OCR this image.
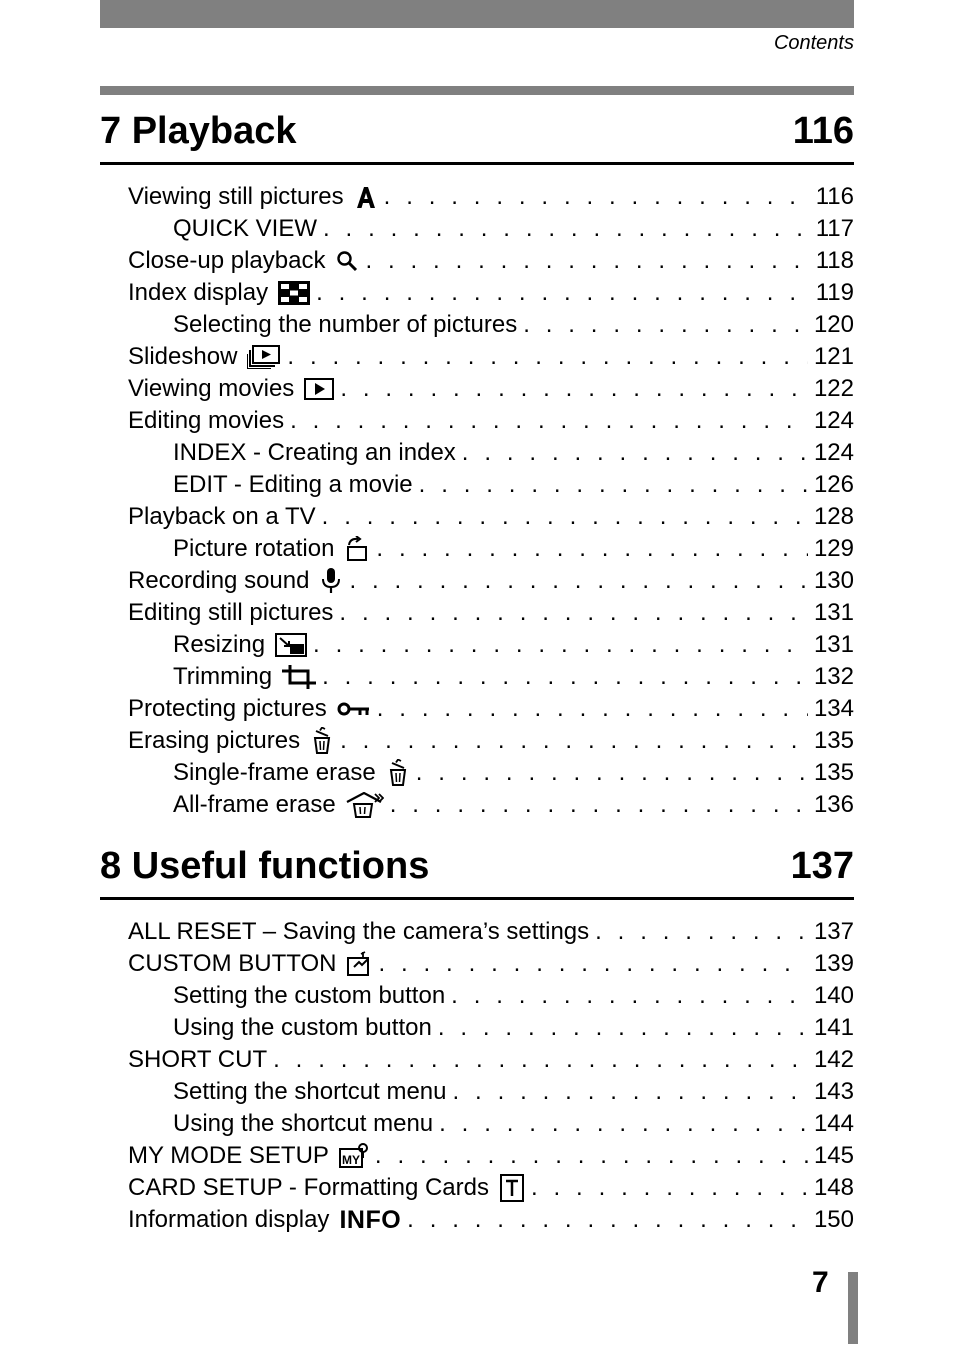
Contents
7 Playback	116
Viewing still pictures . . .	116
QUICK VIEW . . .	117
Close-up playback . . .	118
Index display . . .	119
Selecting the number of pictures . . .	120
Slideshow . . .	121
Viewing movies . . .	122
Editing movies . . .	124
INDEX - Creating an index . . .	124
EDIT - Editing a movie . . .	126
Playback on a TV . . .	128
Picture rotation . . .	129
Recording sound . . .	130
Editing still pictures . . .	131
Resizing . . .	131
Trimming . . .	132
Protecting pictures . . .	134
Erasing pictures . . .	135
Single-frame erase . . .	135
All-frame erase . . .	136
8 Useful functions	137
ALL RESET – Saving the camera’s settings . . .	137
CUSTOM BUTTON . . .	139
Setting the custom button . . .	140
Using the custom button . . .	141
SHORT CUT . . .	142
Setting the shortcut menu . . .	143
Using the shortcut menu . . .	144
MY MODE SETUP MY . . .	145
CARD SETUP - Formatting Cards . . .	148
Information display INFO . . .	150
7
